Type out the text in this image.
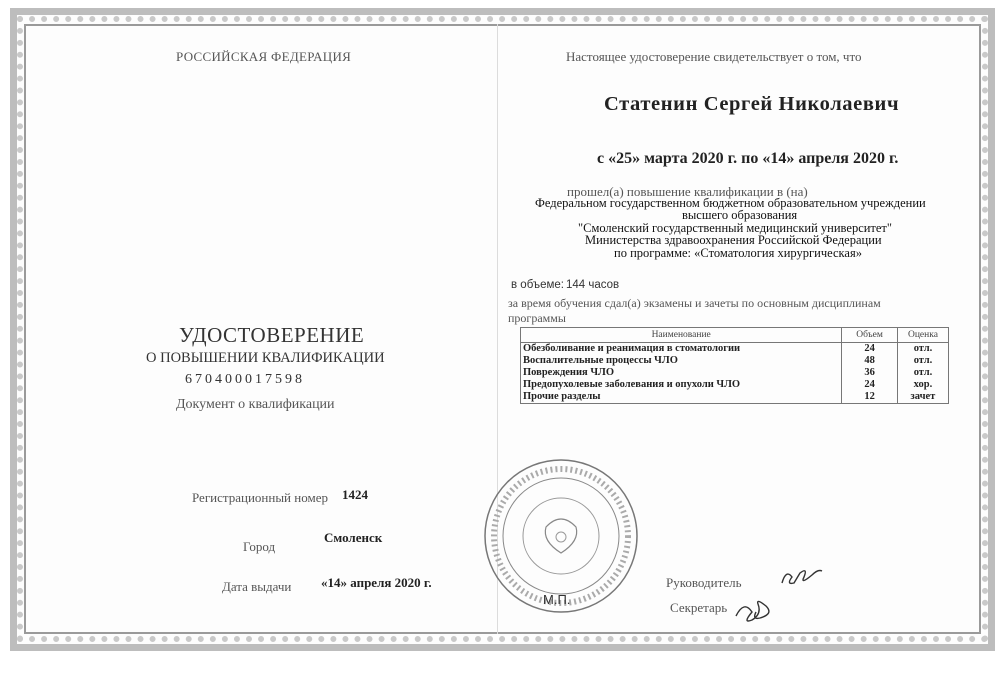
РОССИЙСКАЯ ФЕДЕРАЦИЯ
УДОСТОВЕРЕНИЕ
О ПОВЫШЕНИИ КВАЛИФИКАЦИИ
670400017598
Документ о квалификации
Регистрационный номер 1424
Город
Смоленск
Дата выдачи «14» апреля 2020 г.
М.П.
Настоящее удостоверение свидетельствует о том, что
Статенин Сергей Николаевич
с «25» марта 2020 г. по «14» апреля 2020 г.
прошел(а) повышение квалификации в (на)
Федеральном государственном бюджетном образовательном учреждении
высшего образования
"Смоленский государственный медицинский университет"
Министерства здравоохранения Российской Федерации
по программе: «Стоматология хирургическая»
в объеме: 144 часов
за время обучения сдал(а) экзамены и зачеты по основным дисциплинам
программы
Наименование	Объем	Оценка
Обезболивание и реанимация в стоматологии	24	отл.
Воспалительные процессы ЧЛО	48	отл.
Повреждения ЧЛО	36	отл.
Предопухолевые заболевания и опухоли ЧЛО	24	хор.
Прочие разделы	12	зачет
Руководитель
Секретарь
